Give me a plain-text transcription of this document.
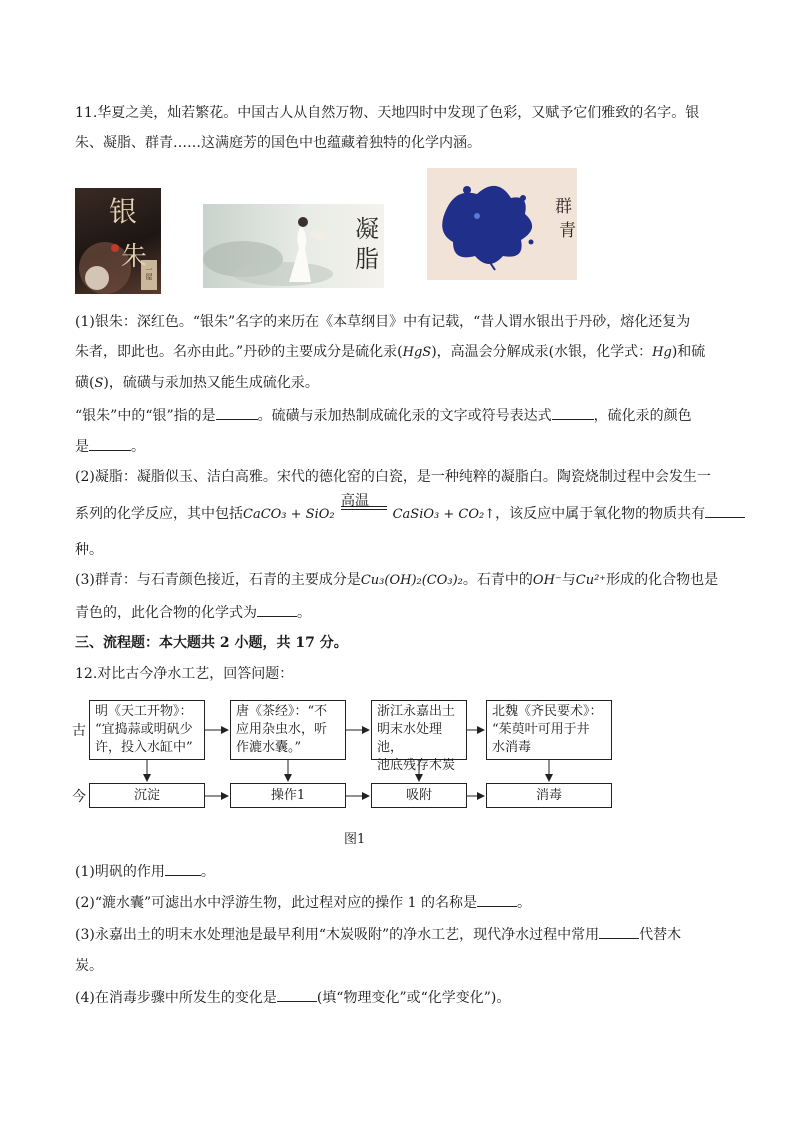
11.华夏之美，灿若繁花。中国古人从自然万物、天地四时中发现了色彩，又赋予它们雅致的名字。银
朱、凝脂、群青……这满庭芳的国色中也蕴藏着独特的化学内涵。
银
朱
一屋
凝
脂
群
青
(1)银朱：深红色。“银朱”名字的来历在《本草纲目》中有记载，“昔人谓水银出于丹砂，熔化还复为
朱者，即此也。名亦由此。”丹砂的主要成分是硫化汞(HgS)，高温会分解成汞(水银，化学式：Hg)和硫
磺(S)，硫磺与汞加热又能生成硫化汞。
“银朱”中的“银”指的是	。硫磺与汞加热制成硫化汞的文字或符号表达式	，硫化汞的颜色
是	。
(2)凝脂：凝脂似玉、洁白高雅。宋代的德化窑的白瓷，是一种纯粹的凝脂白。陶瓷烧制过程中会发生一
系列的化学反应，其中包括CaCO₃ + SiO₂	CaSiO₃ + CO₂↑，该反应中属于氧化物的物质共有
高温
种。
(3)群青：与石青颜色接近，石青的主要成分是Cu₃(OH)₂(CO₃)₂。石青中的OH⁻与Cu²⁺形成的化合物也是
青色的，此化合物的化学式为	。
三、流程题：本大题共 2 小题，共 17 分。
12.对比古今净水工艺，回答问题：
古
今
明《天工开物》：
“宜捣蒜或明矾少
许，投入水缸中”
唐《茶经》：“不
应用杂虫水，听
作漉水囊。”
浙江永嘉出土
明末水处理池，
池底残存木炭
北魏《齐民要术》：
“茱萸叶可用于井
水消毒
沉淀	操作1	吸附	消毒
图1
(1)明矾的作用	。
(2)“漉水囊”可滤出水中浮游生物，此过程对应的操作 1 的名称是	。
(3)永嘉出土的明末水处理池是最早利用“木炭吸附”的净水工艺，现代净水过程中常用	代替木
炭。
(4)在消毒步骤中所发生的变化是	(填“物理变化”或“化学变化”)。
